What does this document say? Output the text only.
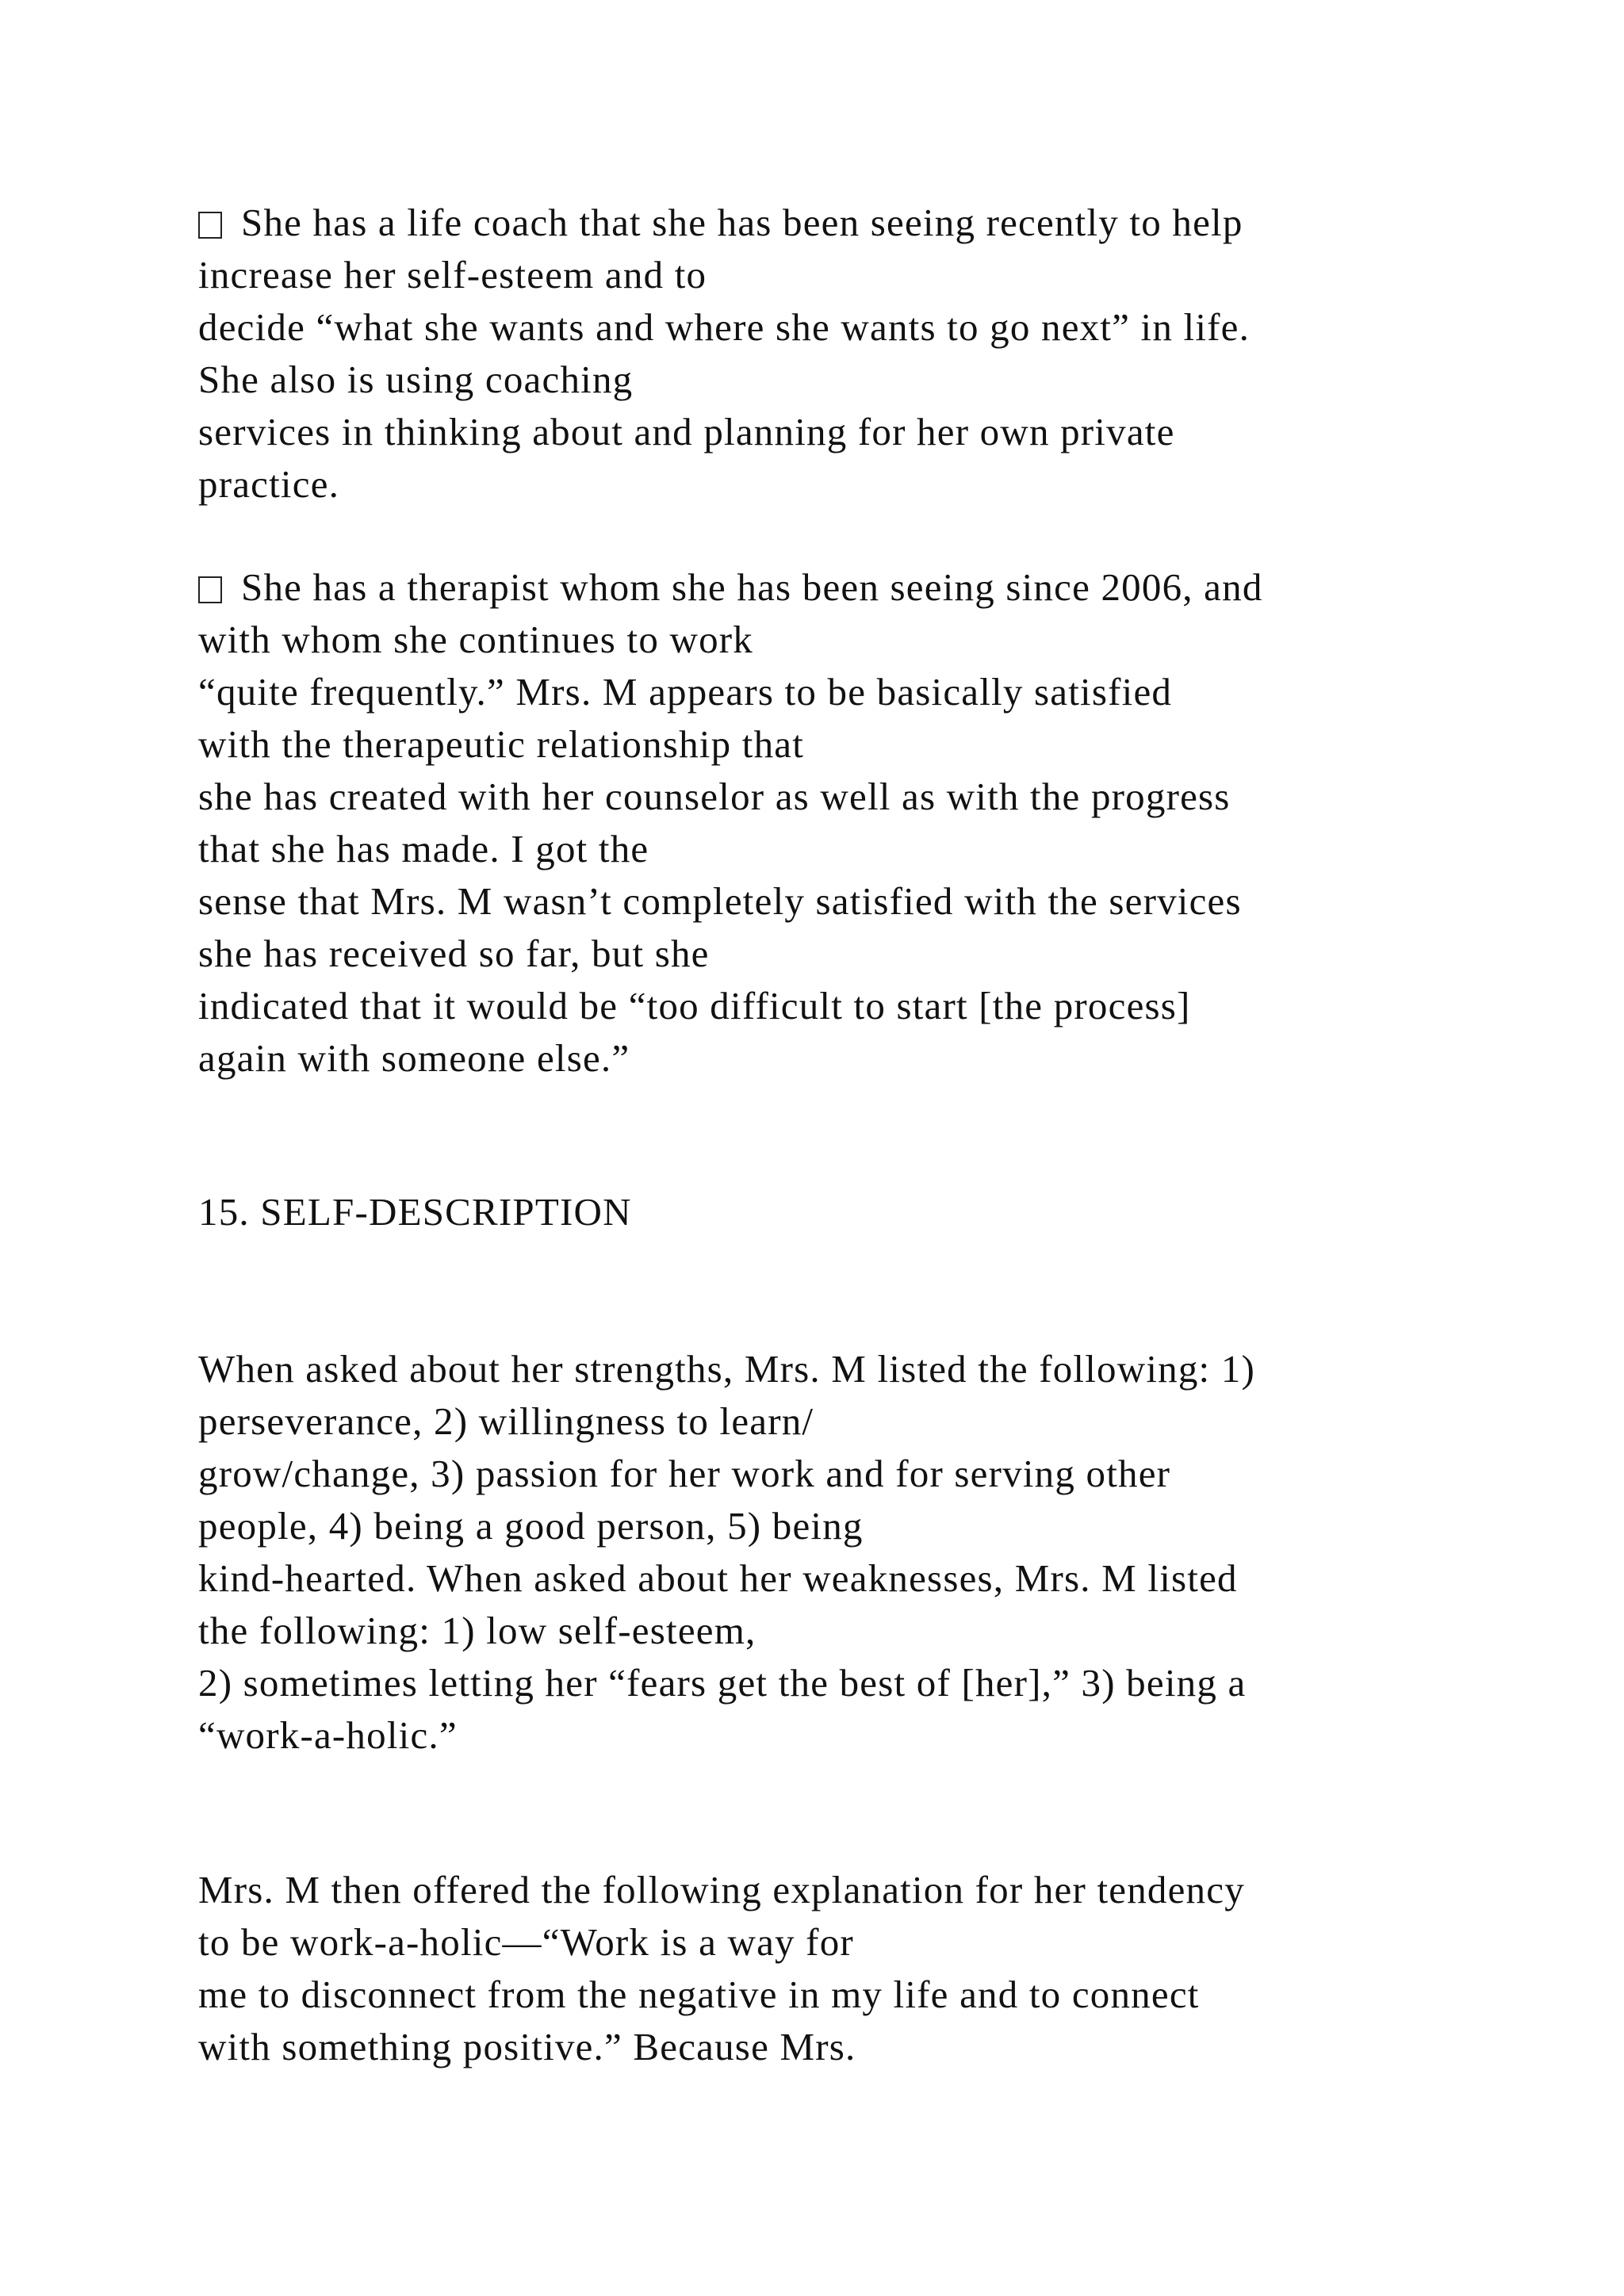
She has a life coach that she has been seeing recently to help
increase her self-esteem and to
decide “what she wants and where she wants to go next” in life.
She also is using coaching
services in thinking about and planning for her own private
practice.
She has a therapist whom she has been seeing since 2006, and
with whom she continues to work
“quite frequently.” Mrs. M appears to be basically satisfied
with the therapeutic relationship that
she has created with her counselor as well as with the progress
that she has made. I got the
sense that Mrs. M wasn’t completely satisfied with the services
she has received so far, but she
indicated that it would be “too difficult to start [the process]
again with someone else.”
15. SELF-DESCRIPTION
When asked about her strengths, Mrs. M listed the following: 1)
perseverance, 2) willingness to learn/
grow/change, 3) passion for her work and for serving other
people, 4) being a good person, 5) being
kind-hearted. When asked about her weaknesses, Mrs. M listed
the following: 1) low self-esteem,
2) sometimes letting her “fears get the best of [her],” 3) being a
“work-a-holic.”
Mrs. M then offered the following explanation for her tendency
to be work-a-holic—“Work is a way for
me to disconnect from the negative in my life and to connect
with something positive.” Because Mrs.
